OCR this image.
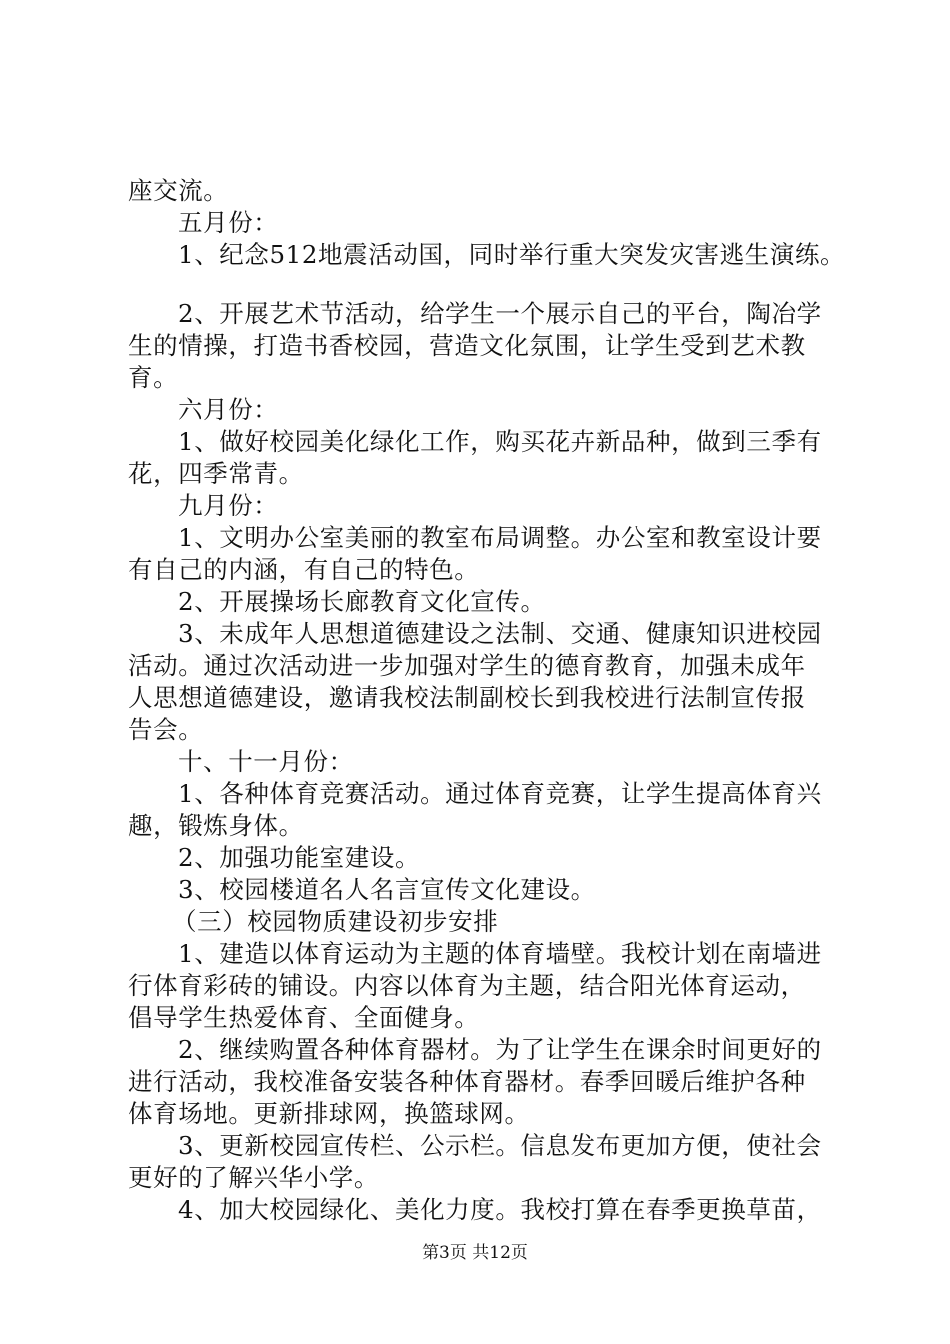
座交流。
五月份：
1、纪念512地震活动国，同时举行重大突发灾害逃生演练。
2、开展艺术节活动，给学生一个展示自己的平台，陶冶学
生的情操，打造书香校园，营造文化氛围，让学生受到艺术教
育。
六月份：
1、做好校园美化绿化工作，购买花卉新品种，做到三季有
花，四季常青。
九月份：
1、文明办公室美丽的教室布局调整。办公室和教室设计要
有自己的内涵，有自己的特色。
2、开展操场长廊教育文化宣传。
3、未成年人思想道德建设之法制、交通、健康知识进校园
活动。通过次活动进一步加强对学生的德育教育，加强未成年
人思想道德建设，邀请我校法制副校长到我校进行法制宣传报
告会。
十、十一月份：
1、各种体育竞赛活动。通过体育竞赛，让学生提高体育兴
趣，锻炼身体。
2、加强功能室建设。
3、校园楼道名人名言宣传文化建设。
（三）校园物质建设初步安排
1、建造以体育运动为主题的体育墙壁。我校计划在南墙进
行体育彩砖的铺设。内容以体育为主题，结合阳光体育运动，
倡导学生热爱体育、全面健身。
2、继续购置各种体育器材。为了让学生在课余时间更好的
进行活动，我校准备安装各种体育器材。春季回暖后维护各种
体育场地。更新排球网，换篮球网。
3、更新校园宣传栏、公示栏。信息发布更加方便，使社会
更好的了解兴华小学。
4、加大校园绿化、美化力度。我校打算在春季更换草苗，
第3页 共12页
